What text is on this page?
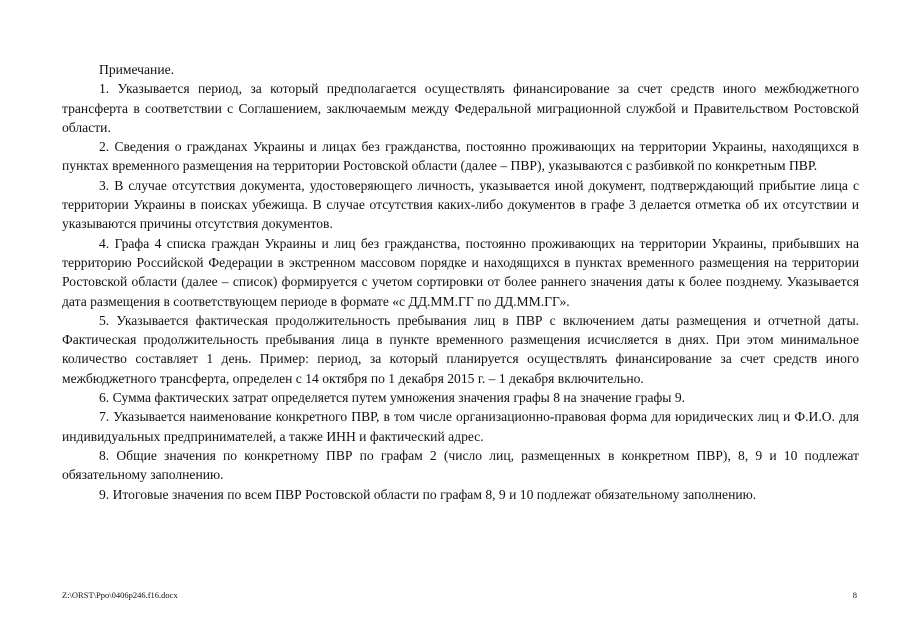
Примечание.

1. Указывается период, за который предполагается осуществлять финансирование за счет средств иного межбюджетного трансферта в соответствии с Соглашением, заключаемым между Федеральной миграционной службой и Правительством Ростовской области.

2. Сведения о гражданах Украины и лицах без гражданства, постоянно проживающих на территории Украины, находящихся в пунктах временного размещения на территории Ростовской области (далее – ПВР), указываются с разбивкой по конкретным ПВР.

3. В случае отсутствия документа, удостоверяющего личность, указывается иной документ, подтверждающий прибытие лица с территории Украины в поисках убежища. В случае отсутствия каких-либо документов в графе 3 делается отметка об их отсутствии и указываются причины отсутствия документов.

4. Графа 4 списка граждан Украины и лиц без гражданства, постоянно проживающих на территории Украины, прибывших на территорию Российской Федерации в экстренном массовом порядке и находящихся в пунктах временного размещения на территории Ростовской области (далее – список) формируется с учетом сортировки от более раннего значения даты к более позднему. Указывается дата размещения в соответствующем периоде в формате «с ДД.ММ.ГГ по ДД.ММ.ГГ».

5. Указывается фактическая продолжительность пребывания лиц в ПВР с включением даты размещения и отчетной даты. Фактическая продолжительность пребывания лица в пункте временного размещения исчисляется в днях. При этом минимальное количество составляет 1 день. Пример: период, за который планируется осуществлять финансирование за счет средств иного межбюджетного трансферта, определен с 14 октября по 1 декабря 2015 г. – 1 декабря включительно.

6. Сумма фактических затрат определяется путем умножения значения графы 8 на значение графы 9.

7. Указывается наименование конкретного ПВР, в том числе организационно-правовая форма для юридических лиц и Ф.И.О. для индивидуальных предпринимателей, а также ИНН и фактический адрес.

8. Общие значения по конкретному ПВР по графам 2 (число лиц, размещенных в конкретном ПВР), 8, 9 и 10 подлежат обязательному заполнению.

9. Итоговые значения по всем ПВР Ростовской области по графам 8, 9 и 10 подлежат обязательному заполнению.

Z:\ORST\Ppo\0406p246.f16.docx	8
